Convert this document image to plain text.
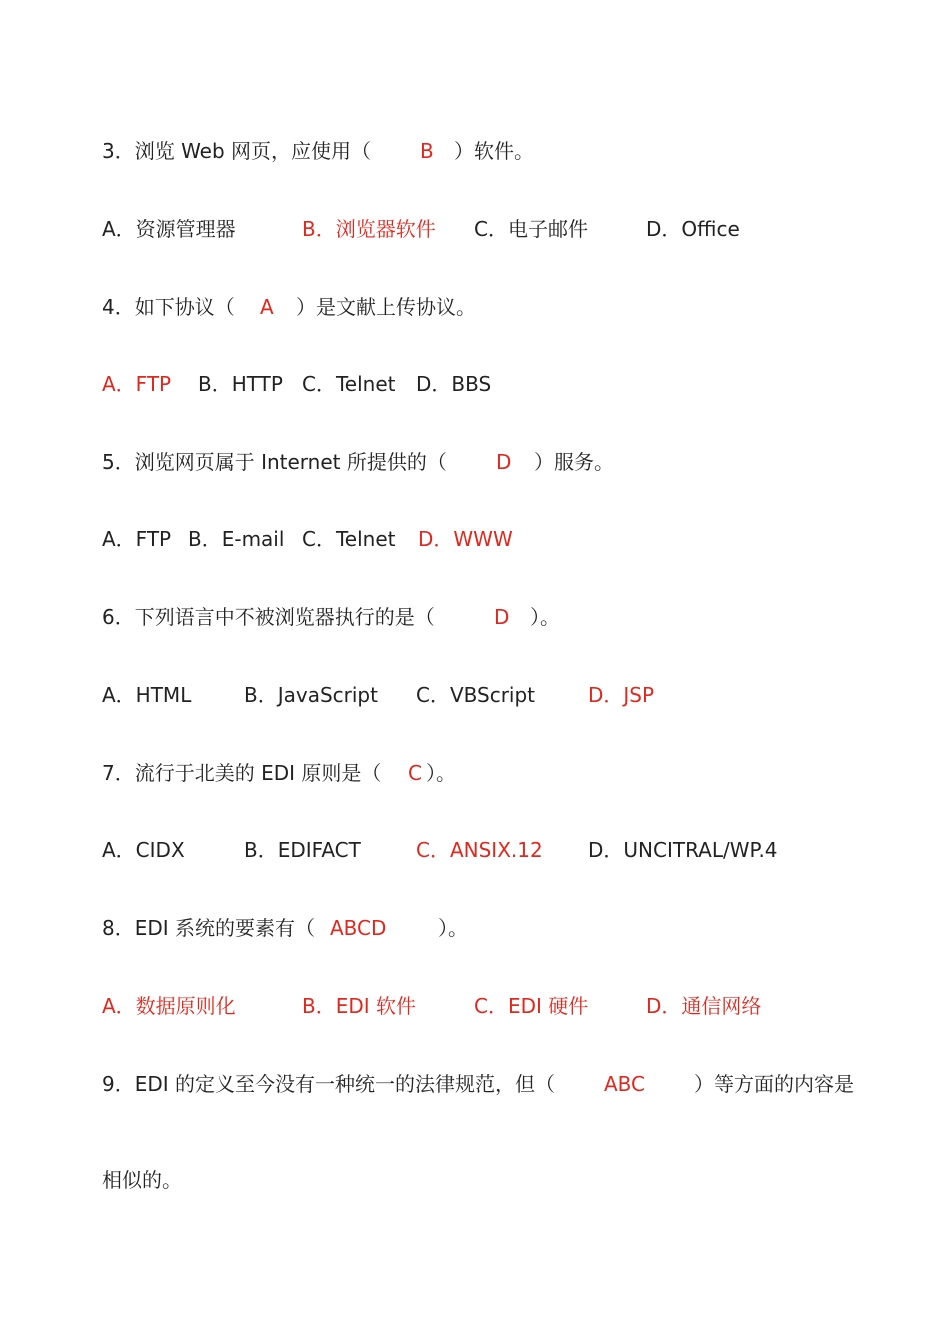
3．浏览 Web 网页，应使用（ B ）软件。
A．资源管理器	B．浏览器软件 C．电子邮件	D．Office
4．如下协议（ A ）是文献上传协议。
A．FTP B．HTTP C．Telnet D．BBS
5．浏览网页属于 Internet 所提供的（ D ）服务。
A．FTP B．E-mail C．Telnet D．WWW
6．下列语言中不被浏览器执行的是（	D ）。
A．HTML	B．JavaScript C．VBScript	D．JSP
7．流行于北美的 EDI 原则是（ C ）。
A．CIDX	B．EDIFACT	C．ANSIX.12 D．UNCITRAL/WP.4
8．EDI 系统的要素有（ ABCD	）。
A．数据原则化	B．EDI 软件	C．EDI 硬件	D．通信网络
9．EDI 的定义至今没有一种统一的法律规范，但（ ABC ）等方面的内容是
相似的。
